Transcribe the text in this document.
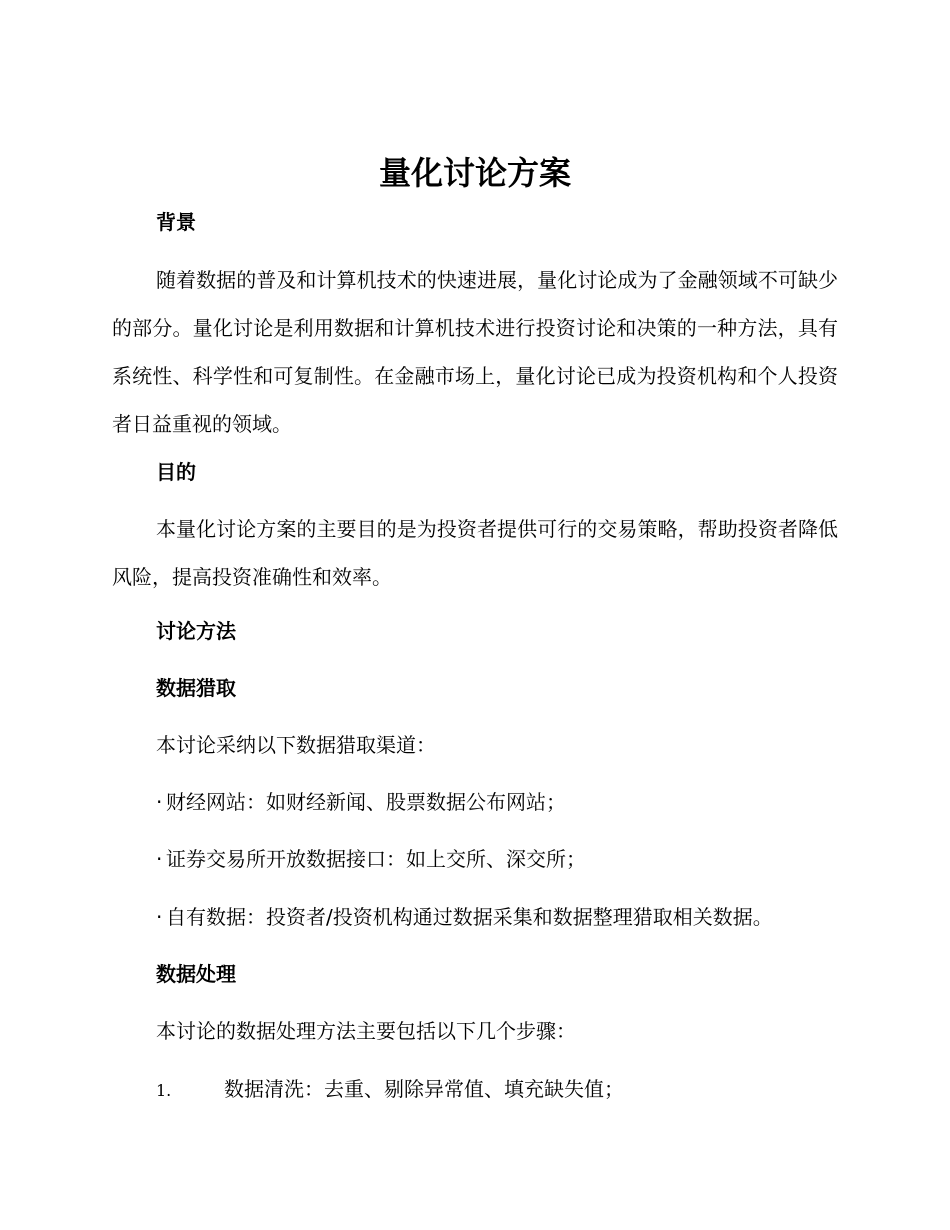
量化讨论方案
背景

随着数据的普及和计算机技术的快速进展，量化讨论成为了金融领域不可缺少的部分。量化讨论是利用数据和计算机技术进行投资讨论和决策的一种方法，具有系统性、科学性和可复制性。在金融市场上，量化讨论已成为投资机构和个人投资者日益重视的领域。

目的

本量化讨论方案的主要目的是为投资者提供可行的交易策略，帮助投资者降低风险，提高投资准确性和效率。

讨论方法
数据猎取

本讨论采纳以下数据猎取渠道：

· 财经网站：如财经新闻、股票数据公布网站；

· 证券交易所开放数据接口：如上交所、深交所；

· 自有数据：投资者/投资机构通过数据采集和数据整理猎取相关数据。

数据处理

本讨论的数据处理方法主要包括以下几个步骤：

1.	数据清洗：去重、剔除异常值、填充缺失值；
